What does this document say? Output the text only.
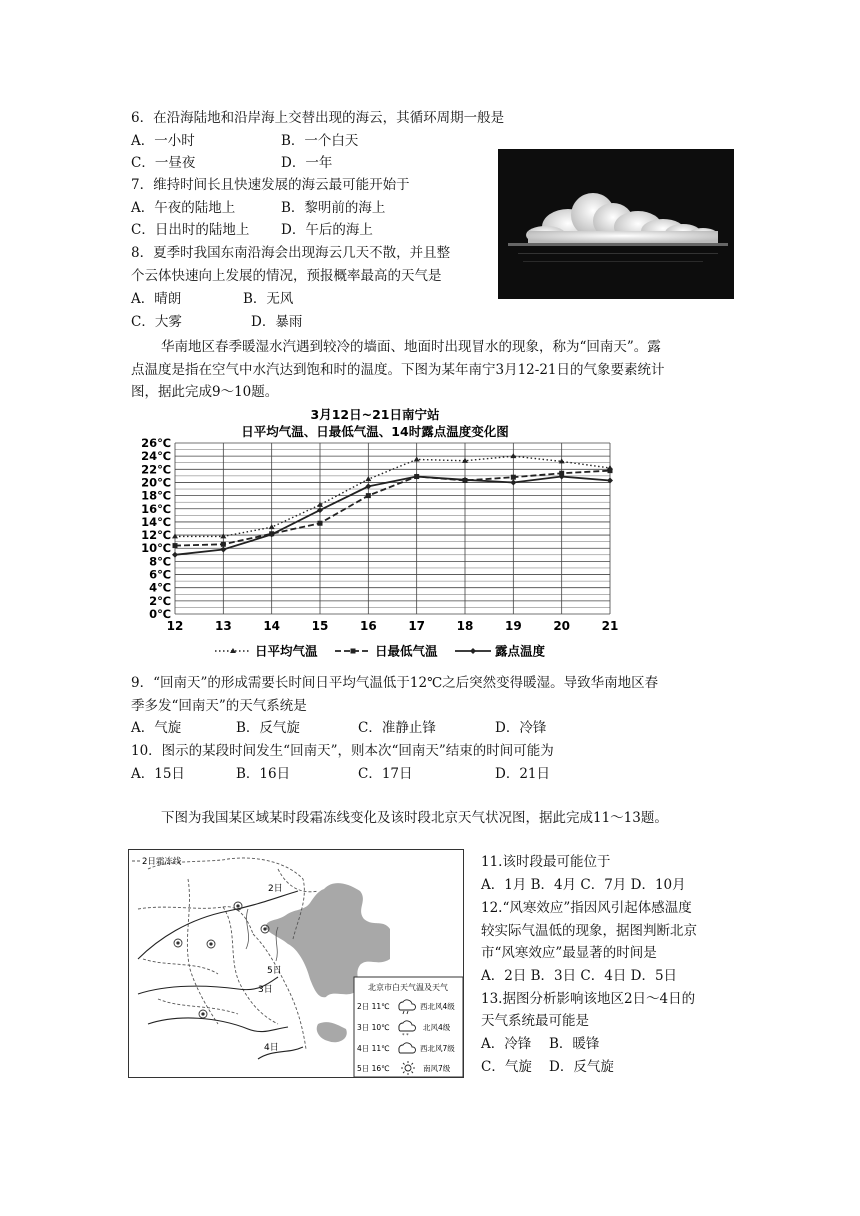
6．在沿海陆地和沿岸海上交替出现的海云，其循环周期一般是
A．一小时	B．一个白天
C．一昼夜	D．一年
7．维持时间长且快速发展的海云最可能开始于
A．午夜的陆地上	B．黎明前的海上
C．日出时的陆地上 D．午后的海上
8．夏季时我国东南沿海会出现海云几天不散，并且整
个云体快速向上发展的情况，预报概率最高的天气是
A．晴朗	B．无风
C．大雾	D．暴雨
华南地区春季暖湿水汽遇到较冷的墙面、地面时出现冒水的现象，称为“回南天”。露
点温度是指在空气中水汽达到饱和时的温度。下图为某年南宁3月12-21日的气象要素统计
图，据此完成9～10题。
3月12日~21日南宁站
日平均气温、日最低气温、14时露点温度变化图
0℃
2℃
4℃
6℃
8℃
10℃
12℃
14℃
16℃
18℃
20℃
22℃
24℃
26℃
12	13	14	15	16	17	18	19	20	21
日平均气温	日最低气温	露点温度
9．“回南天”的形成需要长时间日平均气温低于12℃之后突然变得暖湿。导致华南地区春
季多发“回南天”的天气系统是
A．气旋	B．反气旋	C．准静止锋	D．冷锋
10．图示的某段时间发生“回南天”，则本次“回南天”结束的时间可能为
A．15日	B．16日	C．17日	D．21日
下图为我国某区域某时段霜冻线变化及该时段北京天气状况图，据此完成11～13题。
2日霜冻线
2日
5日
3日
4日
北京市白天气温及天气
2日 11℃	西北风4级
3日 10℃	北风4级
4日 11℃	西北风7级
5日 16℃	南风7级
* *
11.该时段最可能位于
A．1月 B．4月 C．7月 D．10月
12.“风寒效应”指因风引起体感温度
较实际气温低的现象，据图判断北京
市“风寒效应”最显著的时间是
A．2日 B．3日 C．4日 D．5日
13.据图分析影响该地区2日～4日的
天气系统最可能是
A．冷锋 B．暖锋
C．气旋 D．反气旋
